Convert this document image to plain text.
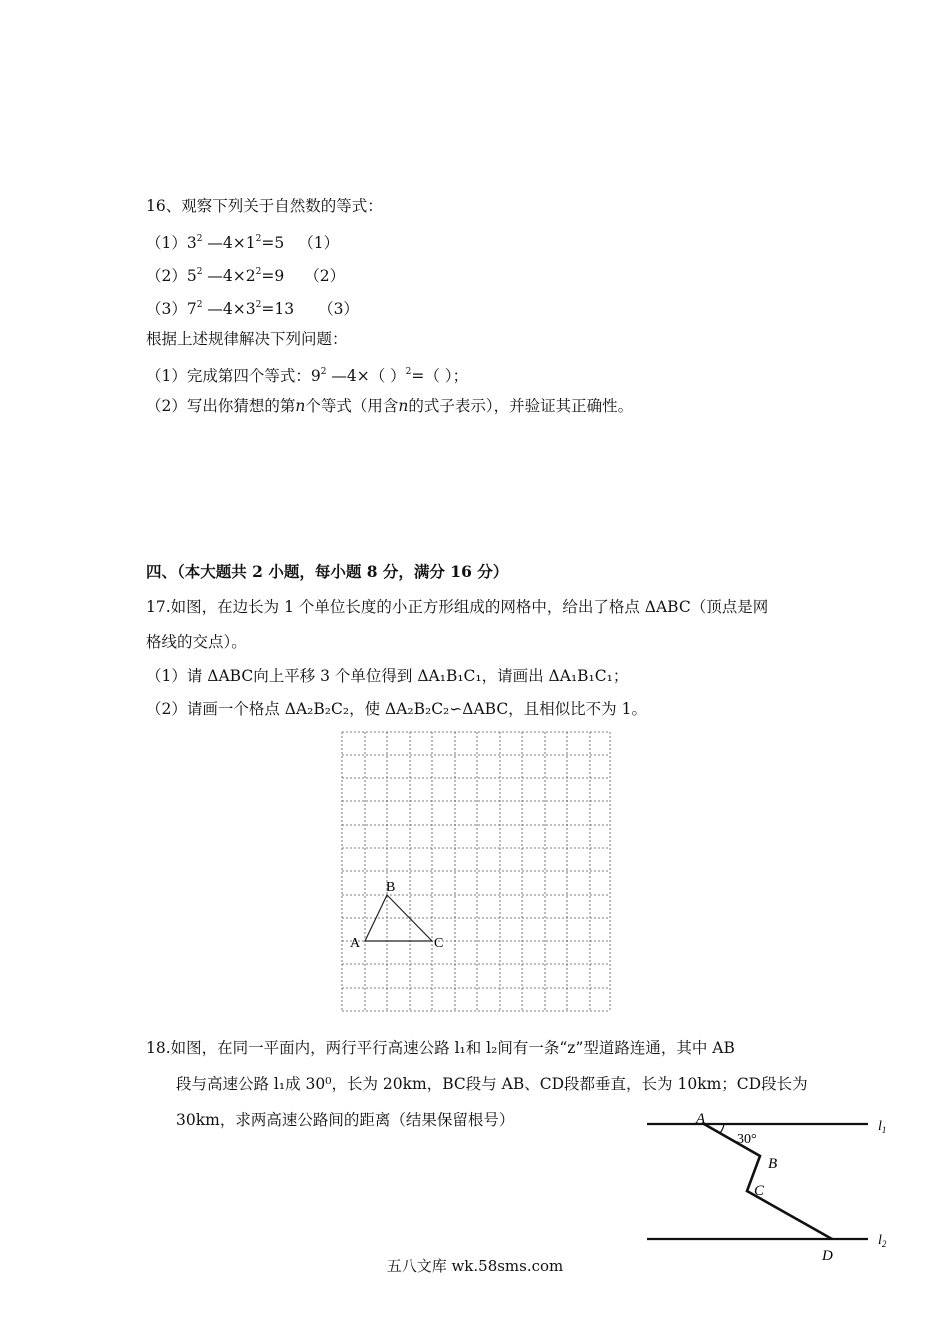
16、观察下列关于自然数的等式：
$(1)3^2$ $—4\times 1^2=5$ （1）
$(2)5^2$ $—4\times 2^2=9$ （2）
$(3)7^2$ $—4\times 3^2=13$ （3）
根据上述规律解决下列问题：
（1）完成第四个等式：$9^2$ —4×（ ）$^2$=（ ）；
（2）写出你猜想的第n个等式（用含n的式子表示），并验证其正确性。
四、（本大题共 2 小题，每小题 8 分，满分 16 分）
17.如图，在边长为 1 个单位长度的小正方形组成的网格中，给出了格点 ΔABC（顶点是网
格线的交点）。
（1）请 ΔABC向上平移 3 个单位得到 ΔA₁B₁C₁，请画出 ΔA₁B₁C₁；
（2）请画一个格点 ΔA₂B₂C₂，使 ΔA₂B₂C₂∽ΔABC，且相似比不为 1。
A
B
C
18.如图，在同一平面内，两行平行高速公路 l₁和 l₂间有一条“z”型道路连通，其中 AB
段与高速公路 l₁成 30⁰，长为 20km，BC段与 AB、CD段都垂直，长为 10km；CD段长为
30km，求两高速公路间的距离（结果保留根号）	A
B
C
D
30°
$l_1$
$l_2$
五八文库 wk.58sms.com
